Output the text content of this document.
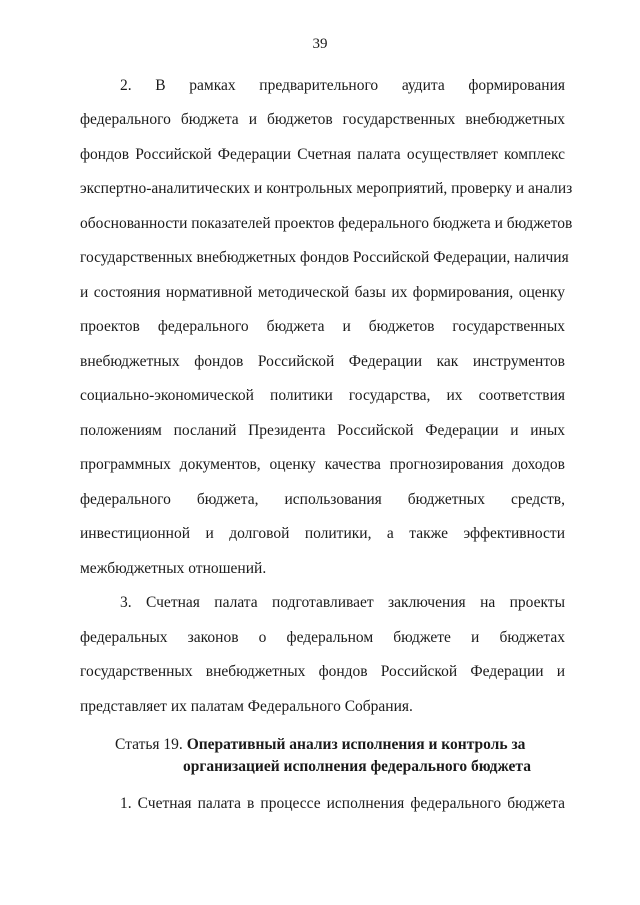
39
2. В рамках предварительного аудита формирования
федерального бюджета и бюджетов государственных внебюджетных
фондов Российской Федерации Счетная палата осуществляет комплекс
экспертно-аналитических и контрольных мероприятий, проверку и анализ
обоснованности показателей проектов федерального бюджета и бюджетов
государственных внебюджетных фондов Российской Федерации, наличия
и состояния нормативной методической базы их формирования, оценку
проектов федерального бюджета и бюджетов государственных
внебюджетных фондов Российской Федерации как инструментов
социально-экономической политики государства, их соответствия
положениям посланий Президента Российской Федерации и иных
программных документов, оценку качества прогнозирования доходов
федерального бюджета, использования бюджетных средств,
инвестиционной и долговой политики, а также эффективности
межбюджетных отношений.
3. Счетная палата подготавливает заключения на проекты
федеральных законов о федеральном бюджете и бюджетах
государственных внебюджетных фондов Российской Федерации и
представляет их палатам Федерального Собрания.
Статья 19. Оперативный анализ исполнения и контроль за
организацией исполнения федерального бюджета
1. Счетная палата в процессе исполнения федерального бюджета
